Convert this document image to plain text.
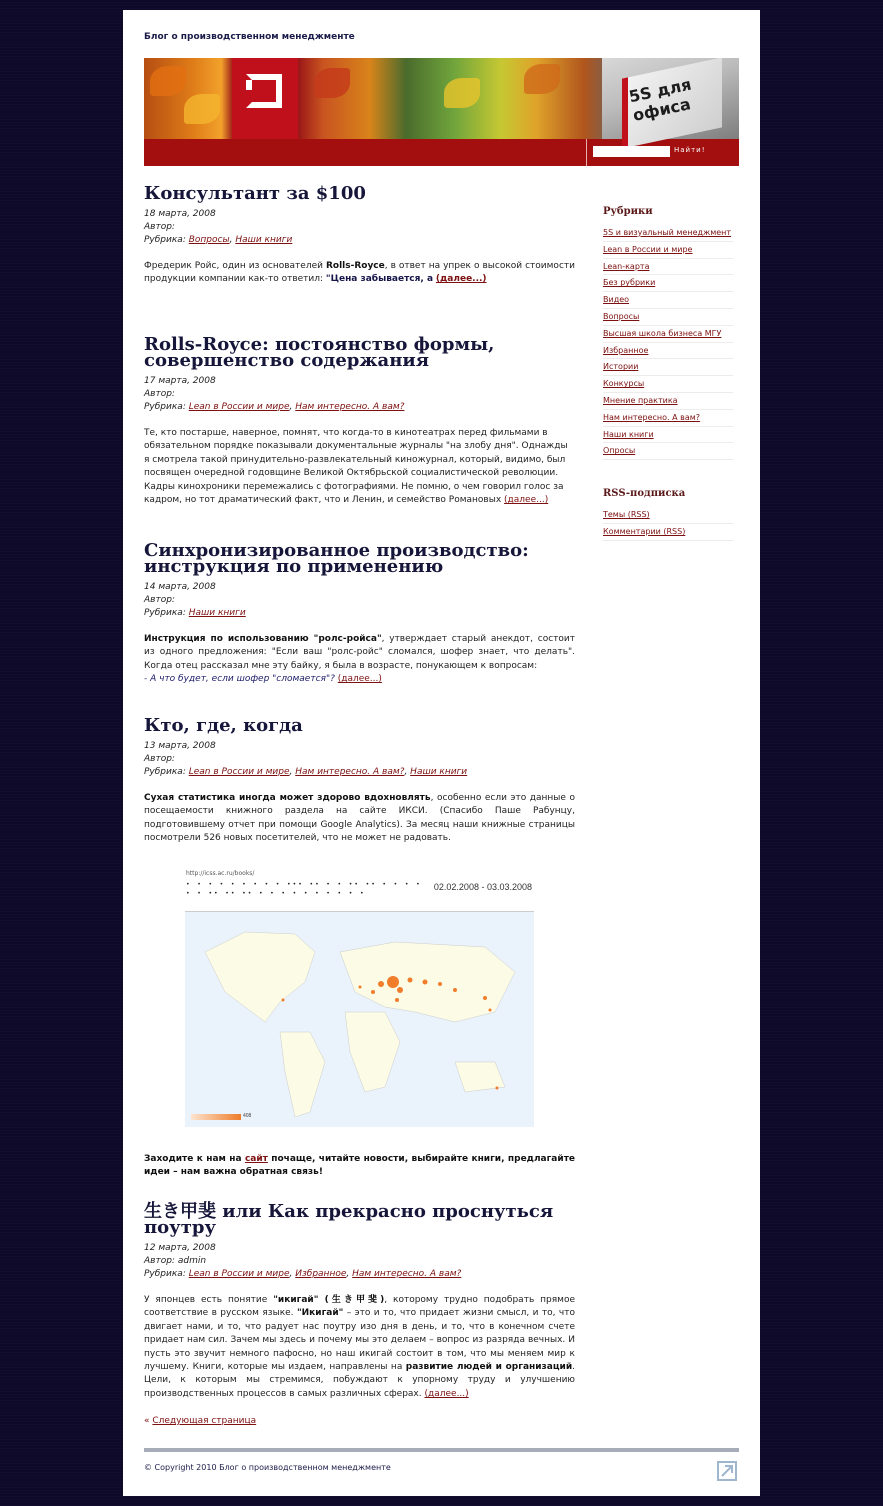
Блог о производственном менеджменте
5S для офиса
Найти!
Консультант за $100
18 марта, 2008
Автор:
Рубрика: Вопросы, Наши книги
Фредерик Ройс, один из основателей Rolls-Royce, в ответ на упрек о высокой стоимости продукции компании как-то ответил: "Цена забывается, а (далее...)
Rolls-Royce: постоянство формы, совершенство содержания
17 марта, 2008
Автор:
Рубрика: Lean в России и мире, Нам интересно. А вам?
Те, кто постарше, наверное, помнят, что когда-то в кинотеатрах перед фильмами в обязательном порядке показывали документальные журналы "на злобу дня". Однажды я смотрела такой принудительно-развлекательный киножурнал, который, видимо, был посвящен очередной годовщине Великой Октябрьской социалистической революции. Кадры кинохроники перемежались с фотографиями. Не помню, о чем говорил голос за кадром, но тот драматический факт, что и Ленин, и семейство Романовых (далее...)
Синхронизированное производство: инструкция по применению
14 марта, 2008
Автор:
Рубрика: Наши книги
Инструкция по использованию "ролс-ройса", утверждает старый анекдот, состоит из одного предложения: "Если ваш "ролс-ройс" сломался, шофер знает, что делать". Когда отец рассказал мне эту байку, я была в возрасте, понукающем к вопросам:
- А что будет, если шофер "сломается"? (далее...)
Кто, где, когда
13 марта, 2008
Автор:
Рубрика: Lean в России и мире, Нам интересно. А вам?, Наши книги
Сухая статистика иногда может здорово вдохновлять, особенно если это данные о посещаемости книжного раздела на сайте ИКСИ. (Спасибо Паше Рабунцу, подготовившему отчет при помощи Google Analytics). За месяц наши книжные страницы посмотрели 526 новых посетителей, что не может не радовать.
http://icss.ac.ru/books/
• • • • • • • • • ••• •• • • •• •• • • • • • • •• •• •• • • • • • • • • • •
02.02.2008 - 03.03.2008
408
Заходите к нам на сайт почаще, читайте новости, выбирайте книги, предлагайте идеи – нам важна обратная связь!
生き甲斐 или Как прекрасно проснуться поутру
12 марта, 2008
Автор: admin
Рубрика: Lean в России и мире, Избранное, Нам интересно. А вам?
У японцев есть понятие "икигай" (生き甲斐), которому трудно подобрать прямое соответствие в русском языке. "Икигай" – это и то, что придает жизни смысл, и то, что двигает нами, и то, что радует нас поутру изо дня в день, и то, что в конечном счете придает нам сил. Зачем мы здесь и почему мы это делаем – вопрос из разряда вечных. И пусть это звучит немного пафосно, но наш икигай состоит в том, что мы меняем мир к лучшему. Книги, которые мы издаем, направлены на развитие людей и организаций. Цели, к которым мы стремимся, побуждают к упорному труду и улучшению производственных процессов в самых различных сферах. (далее...)
« Следующая страница
Рубрики
5S и визуальный менеджмент
Lean в России и мире
Lean-карта
Без рубрики
Видео
Вопросы
Высшая школа бизнеса МГУ
Избранное
Истории
Конкурсы
Мнение практика
Нам интересно. А вам?
Наши книги
Опросы
RSS-подписка
Темы (RSS)
Комментарии (RSS)
© Copyright 2010 Блог о производственном менеджменте
